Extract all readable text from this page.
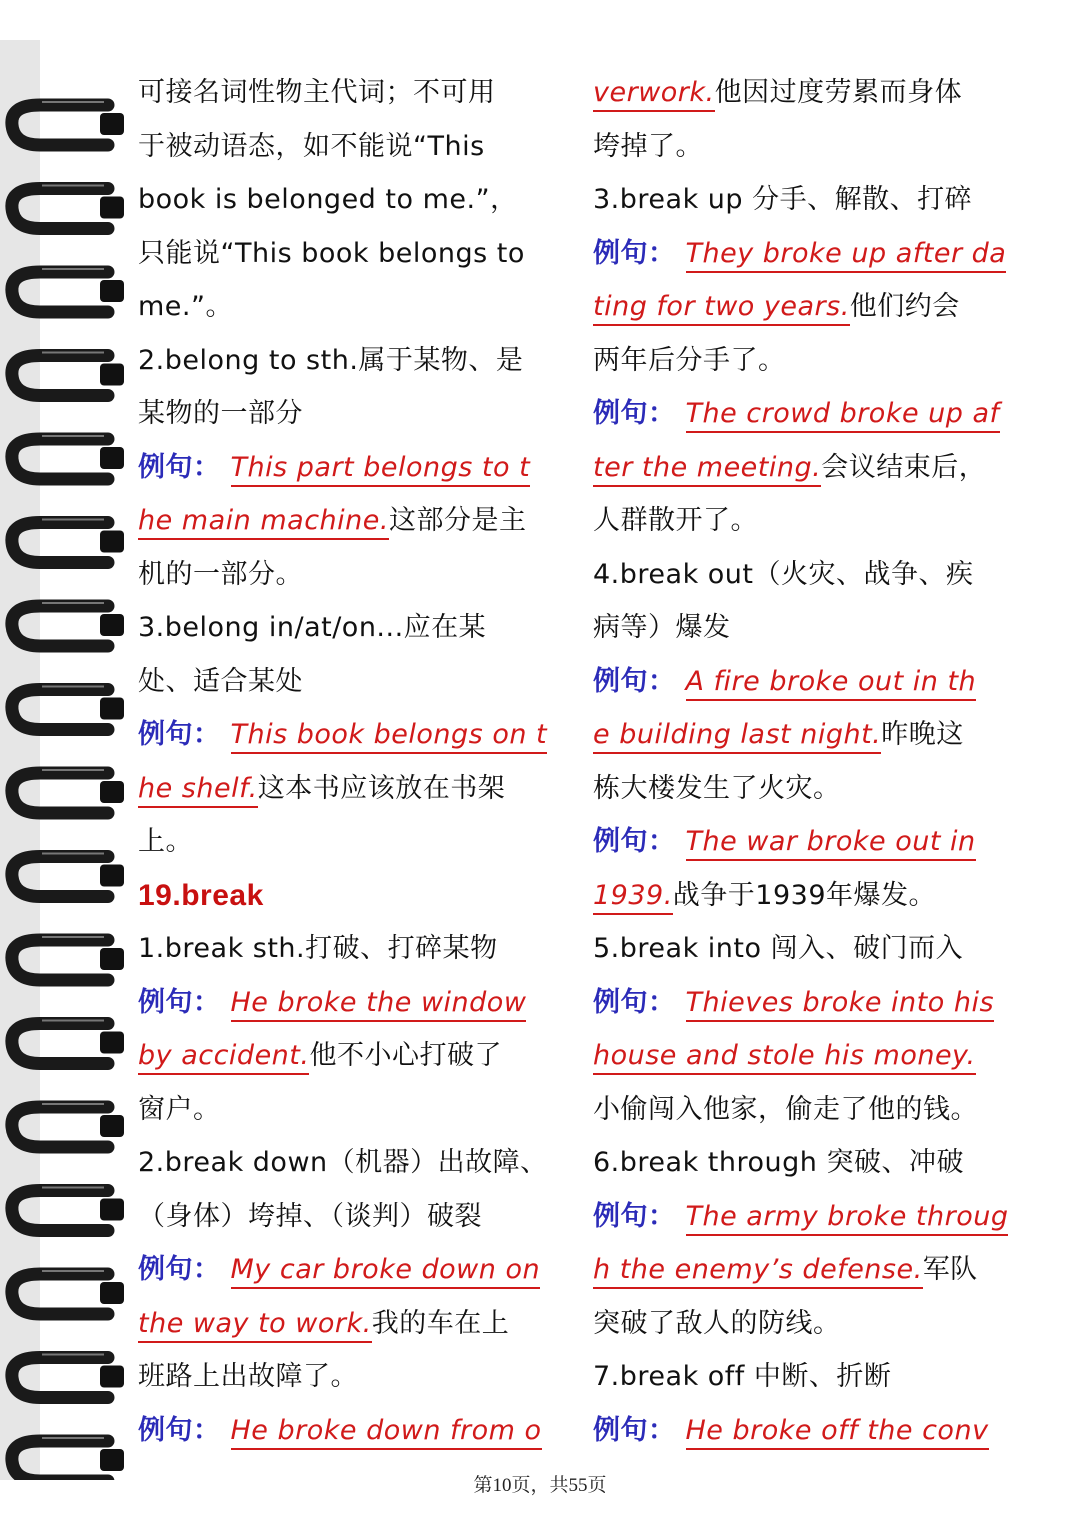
可接名词性物主代词；不可用
于被动语态，如不能说“This
book is belonged to me.”，
只能说“This book belongs to
me.”。
2.belong to sth.属于某物、是
某物的一部分
例句： This part belongs to t
he main machine.这部分是主
机的一部分。
3.belong in/at/on...应在某
处、适合某处
例句： This book belongs on t
he shelf.这本书应该放在书架
上。
19.break
1.break sth.打破、打碎某物
例句： He broke the window
by accident.他不小心打破了
窗户。
2.break down（机器）出故障、
（身体）垮掉、（谈判）破裂
例句： My car broke down on
the way to work.我的车在上
班路上出故障了。
例句： He broke down from o
verwork.他因过度劳累而身体
垮掉了。
3.break up 分手、解散、打碎
例句： They broke up after da
ting for two years.他们约会
两年后分手了。
例句： The crowd broke up af
ter the meeting.会议结束后，
人群散开了。
4.break out（火灾、战争、疾
病等）爆发
例句： A fire broke out in th
e building last night.昨晚这
栋大楼发生了火灾。
例句： The war broke out in
1939.战争于1939年爆发。
5.break into 闯入、破门而入
例句： Thieves broke into his
house and stole his money.
小偷闯入他家，偷走了他的钱。
6.break through 突破、冲破
例句： The army broke throug
h the enemy’s defense.军队
突破了敌人的防线。
7.break off 中断、折断
例句： He broke off the conv
第10页，共55页
